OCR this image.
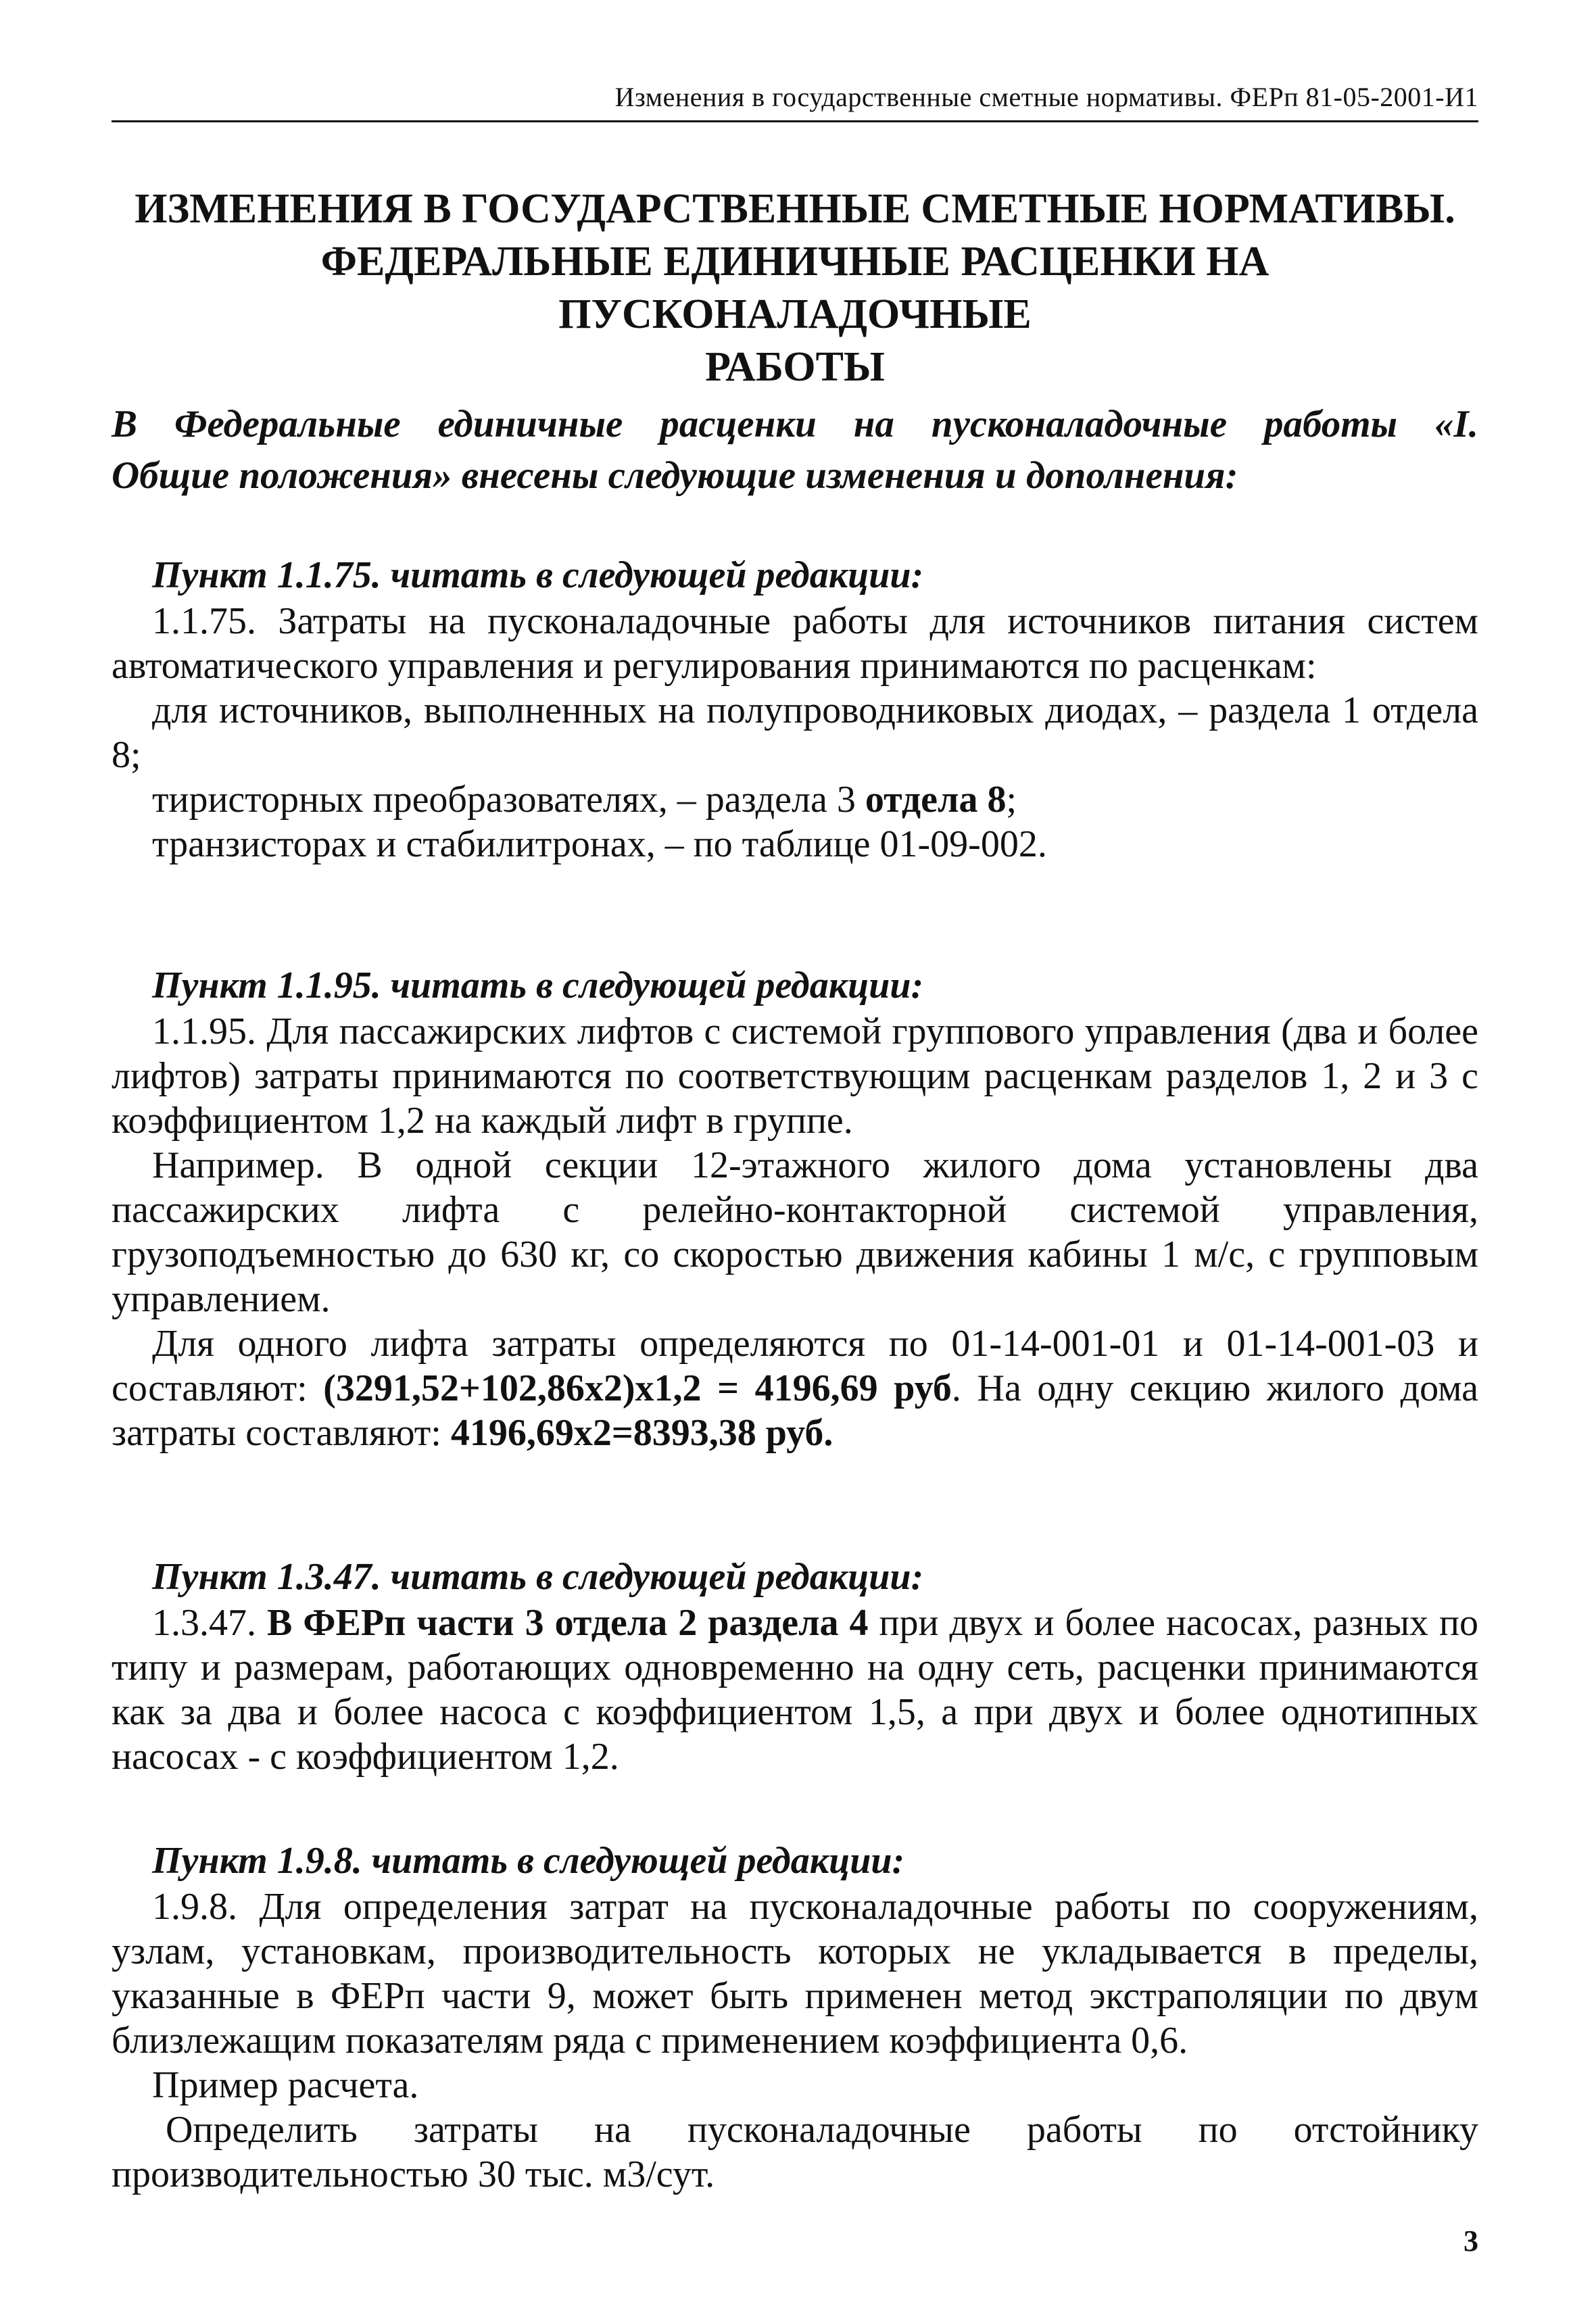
Изменения в государственные сметные нормативы. ФЕРп 81-05-2001-И1
ИЗМЕНЕНИЯ В ГОСУДАРСТВЕННЫЕ СМЕТНЫЕ НОРМАТИВЫ.
ФЕДЕРАЛЬНЫЕ ЕДИНИЧНЫЕ РАСЦЕНКИ НА ПУСКОНАЛАДОЧНЫЕ
РАБОТЫ
В Федеральные единичные расценки на пусконаладочные работы «I.
Общие положения» внесены следующие изменения и дополнения:
Пункт 1.1.75. читать в следующей редакции:

1.1.75. Затраты на пусконаладочные работы для источников питания систем автоматического управления и регулирования принимаются по расценкам:

для источников, выполненных на полупроводниковых диодах, – раздела 1 отдела 8;

тиристорных преобразователях, – раздела 3 отдела 8;

транзисторах и стабилитронах, – по таблице 01-09-002.

Пункт 1.1.95. читать в следующей редакции:

1.1.95. Для пассажирских лифтов с системой группового управления (два и более лифтов) затраты принимаются по соответствующим расценкам разделов 1, 2 и 3 с коэффициентом 1,2 на каждый лифт в группе.

Например. В одной секции 12-этажного жилого дома установлены два пассажирских лифта с релейно-контакторной системой управления, грузоподъемностью до 630 кг, со скоростью движения кабины 1 м/с, с групповым управлением.

Для одного лифта затраты определяются по 01-14-001-01 и 01-14-001-03 и составляют: (3291,52+102,86х2)х1,2 = 4196,69 руб. На одну секцию жилого дома затраты составляют: 4196,69х2=8393,38 руб.

Пункт 1.3.47. читать в следующей редакции:

1.3.47. В ФЕРп части 3 отдела 2 раздела 4 при двух и более насосах, разных по типу и размерам, работающих одновременно на одну сеть, расценки принимаются как за два и более насоса с коэффициентом 1,5, а при двух и более однотипных насосах - с коэффициентом 1,2.

Пункт 1.9.8. читать в следующей редакции:

1.9.8. Для определения затрат на пусконаладочные работы по сооружениям, узлам, установкам, производительность которых не укладывается в пределы, указанные в ФЕРп части 9, может быть применен метод экстраполяции по двум близлежащим показателям ряда с применением коэффициента 0,6.

Пример расчета.

Определить затраты на пусконаладочные работы по отстойнику производительностью 30 тыс. м3/сут.

3
